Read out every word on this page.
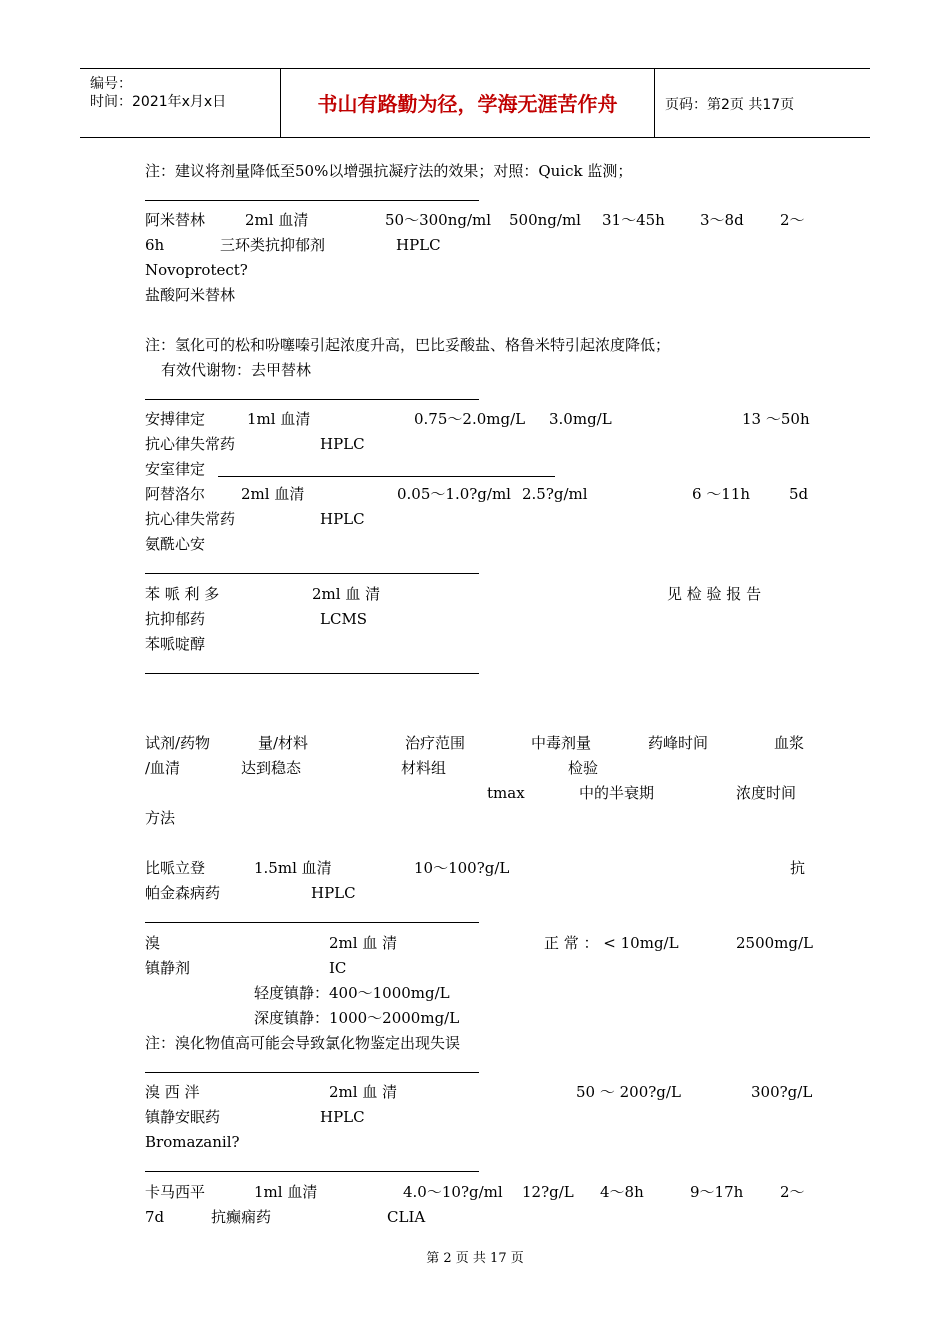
编号：
时间：2021年x月x日	书山有路勤为径，学海无涯苦作舟	页码：第2页 共17页
注：建议将剂量降低至50%以增强抗凝疗法的效果；对照：Quick 监测；
阿米替林	2ml 血清	50～300ng/ml 500ng/ml 31～45h 3～8d 2～
6h	三环类抗抑郁剂	HPLC
Novoprotect?
盐酸阿米替林
注：氢化可的松和吩噻嗪引起浓度升高，巴比妥酸盐、格鲁米特引起浓度降低；
有效代谢物：去甲替林
安搏律定	1ml 血清	0.75～2.0mg/L 3.0mg/L	13 ～50h
抗心律失常药	HPLC
安室律定
阿替洛尔 2ml 血清	0.05～1.0?g/ml 2.5?g/ml	6 ～11h	5d
抗心律失常药	HPLC
氨酰心安
苯 哌 利 多	2ml 血 清	见 检 验 报 告
抗抑郁药	LCMS
苯哌啶醇
试剂/药物	量/材料	治疗范围	中毒剂量	药峰时间	血浆
/血清	达到稳态	材料组	检验
tmax	中的半衰期	浓度时间
方法
比哌立登	1.5ml 血清	10～100?g/L	抗
帕金森病药	HPLC
溴	2ml 血 清	正 常 ： < 10mg/L	2500mg/L
镇静剂	IC
轻度镇静：400～1000mg/L
深度镇静：1000～2000mg/L
注：溴化物值高可能会导致氯化物鉴定出现失误
溴 西 泮	2ml 血 清	50 ～ 200?g/L	300?g/L
镇静安眠药	HPLC
Bromazanil?
卡马西平	1ml 血清	4.0～10?g/ml 12?g/L 4～8h	9～17h 2～
7d	抗癫痫药	CLIA
第 2 页 共 17 页
